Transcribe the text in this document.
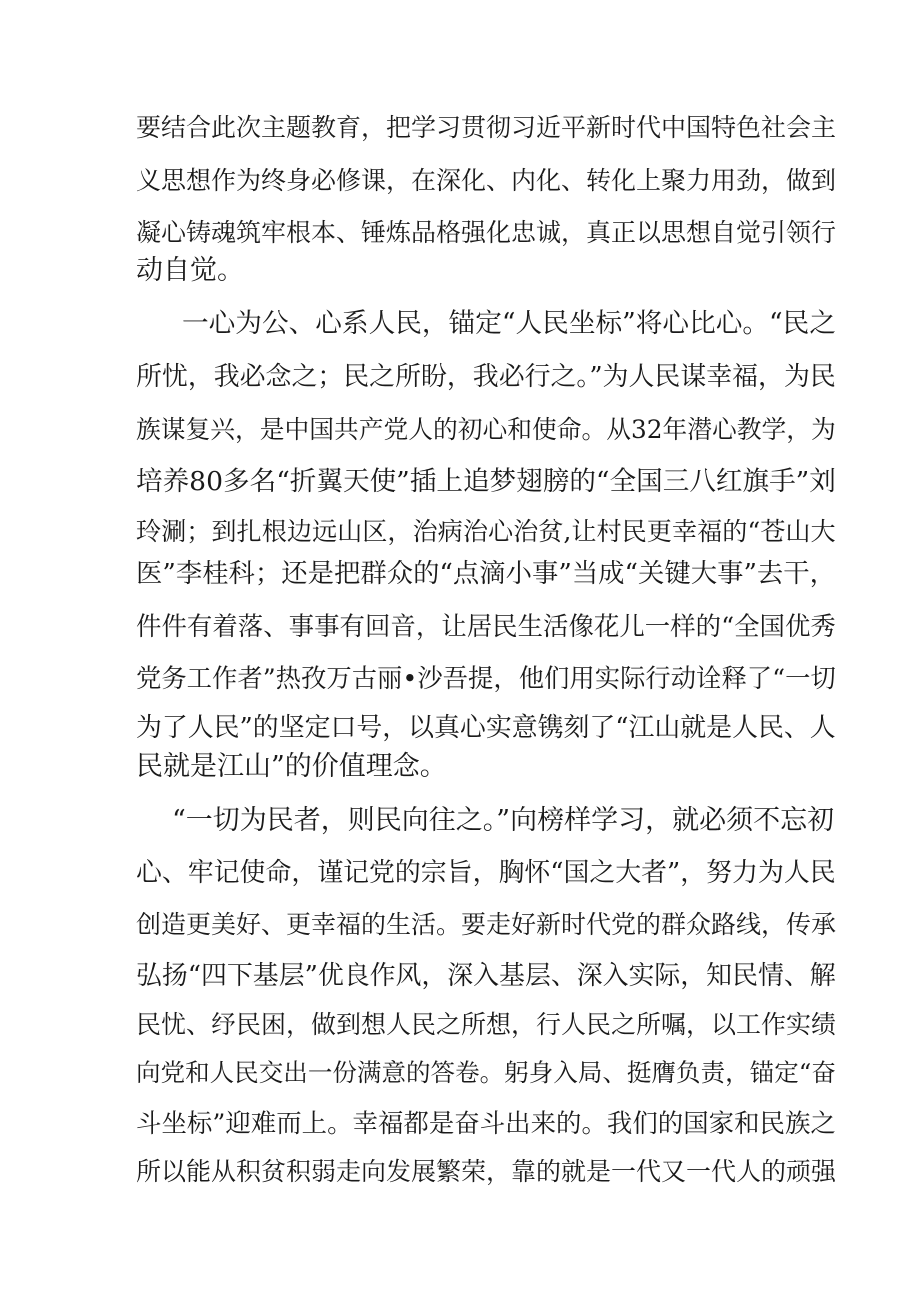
要结合此次主题教育，把学习贯彻习近平新时代中国特色社会主

义思想作为终身必修课，在深化、内化、转化上聚力用劲，做到

凝心铸魂筑牢根本、锤炼品格强化忠诚，真正以思想自觉引领行

动自觉。

一心为公、心系人民，锚定“人民坐标”将心比心。“民之

所忧，我必念之；民之所盼，我必行之。”为人民谋幸福，为民

族谋复兴，是中国共产党人的初心和使命。从32年潜心教学，为

培养80多名“折翼天使”插上追梦翅膀的“全国三八红旗手”刘

玲涮；到扎根边远山区，治病治心治贫,让村民更幸福的“苍山大

医”李桂科；还是把群众的“点滴小事”当成“关键大事”去干，

件件有着落、事事有回音，让居民生活像花儿一样的“全国优秀

党务工作者”热孜万古丽•沙吾提，他们用实际行动诠释了“一切

为了人民”的坚定口号，以真心实意镌刻了“江山就是人民、人

民就是江山”的价值理念。

“一切为民者，则民向往之。”向榜样学习，就必须不忘初

心、牢记使命，谨记党的宗旨，胸怀“国之大者”，努力为人民

创造更美好、更幸福的生活。要走好新时代党的群众路线，传承

弘扬“四下基层”优良作风，深入基层、深入实际，知民情、解

民忧、纾民困，做到想人民之所想，行人民之所嘱，以工作实绩

向党和人民交出一份满意的答卷。躬身入局、挺膺负责，锚定“奋

斗坐标”迎难而上。幸福都是奋斗出来的。我们的国家和民族之

所以能从积贫积弱走向发展繁荣，靠的就是一代又一代人的顽强
